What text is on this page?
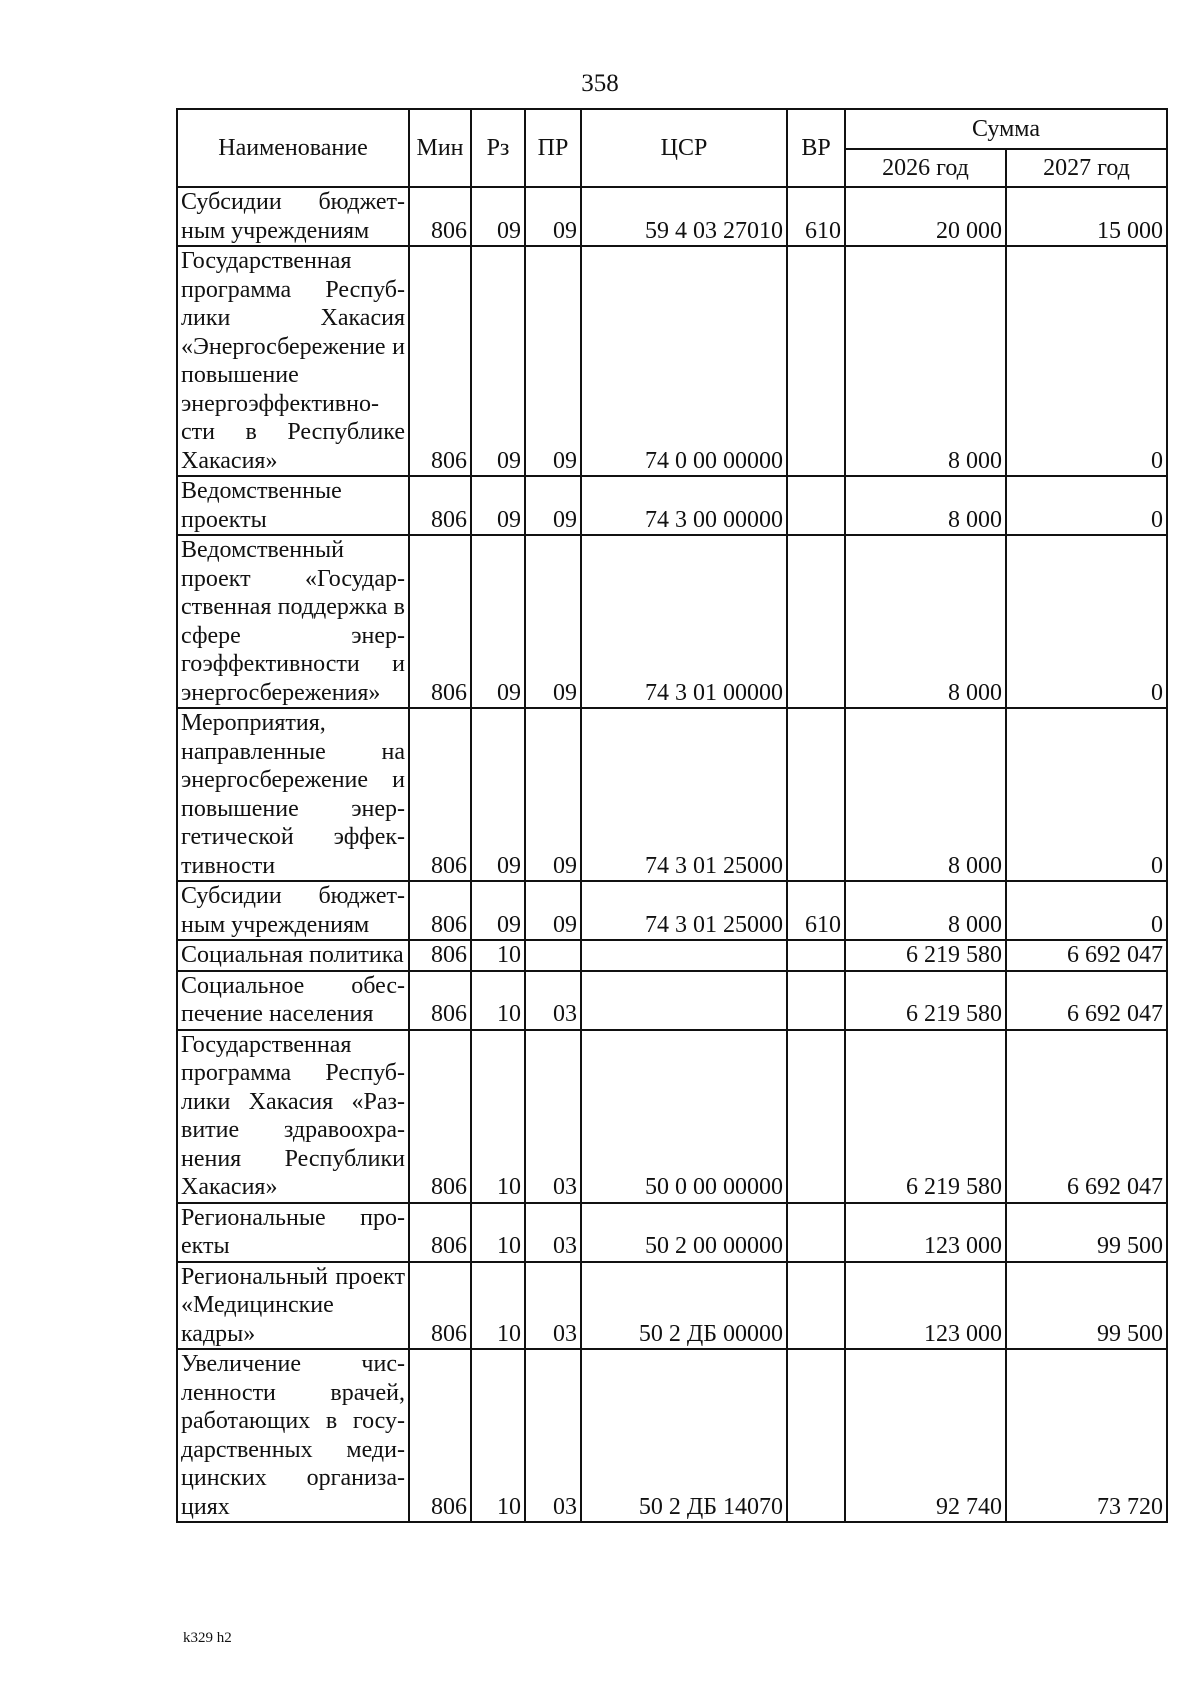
358
Наименование	Мин	Рз	ПР	ЦСР	ВР	Сумма	
						2026 год	2027 год
Субсидии бюджетным учреждениям	806	09	09	59 4 03 27010	610	20 000	15 000
Государственная программа Республики Хакасия «Энергосбережение и повышение энергоэффективности в Республике Хакасия»	806	09	09	74 0 00 00000		8 000	0
Ведомственные проекты	806	09	09	74 3 00 00000		8 000	0
Ведомственный проект «Государственная поддержка в сфере энергоэффективности и энергосбережения»	806	09	09	74 3 01 00000		8 000	0
Мероприятия, направленные на энергосбережение и повышение энергетической эффективности	806	09	09	74 3 01 25000		8 000	0
Субсидии бюджетным учреждениям	806	09	09	74 3 01 25000	610	8 000	0
Социальная политика	806	10				6 219 580	6 692 047
Социальное обеспечение населения	806	10	03			6 219 580	6 692 047
Государственная программа Республики Хакасия «Развитие здравоохранения Республики Хакасия»	806	10	03	50 0 00 00000		6 219 580	6 692 047
Региональные проекты	806	10	03	50 2 00 00000		123 000	99 500
Региональный проект «Медицинские кадры»	806	10	03	50 2 ДБ 00000		123 000	99 500
Увеличение численности врачей, работающих в государственных медицинских организациях	806	10	03	50 2 ДБ 14070		92 740	73 720
k329 h2
